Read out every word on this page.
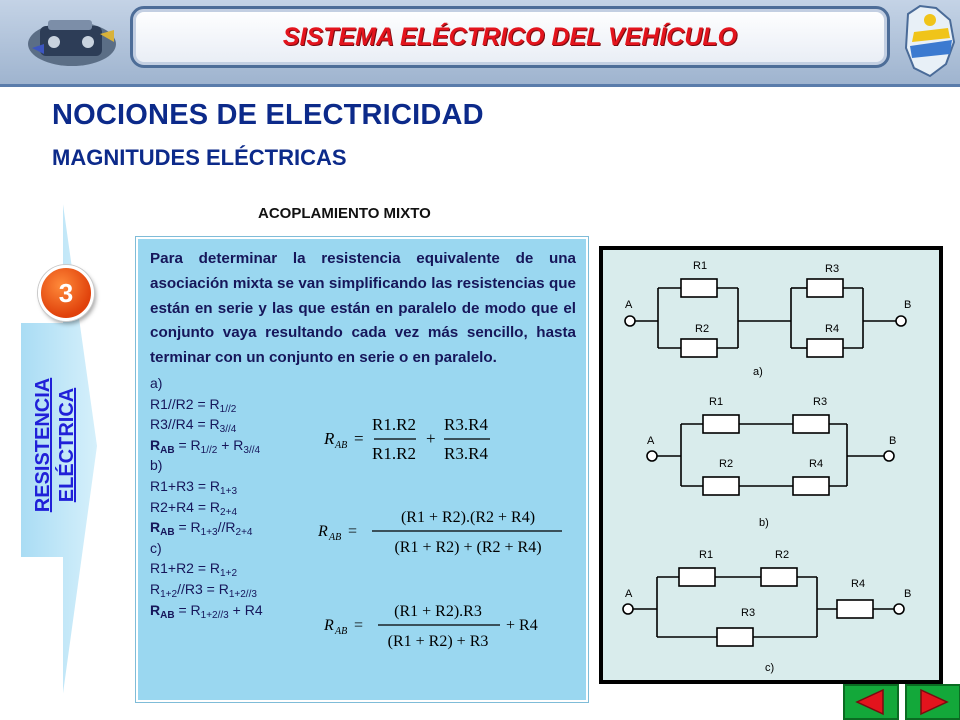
SISTEMA ELÉCTRICO DEL VEHÍCULO
NOCIONES DE ELECTRICIDAD
MAGNITUDES ELÉCTRICAS
ACOPLAMIENTO MIXTO
3
RESISTENCIA ELÉCTRICA

Para determinar la resistencia equivalente de una asociación mixta se van simplificando las resistencias que están en serie y las que están en paralelo de modo que el conjunto vaya resultando cada vez más sencillo, hasta terminar con un conjunto en serie o en paralelo.

a)
$R1//R2 = R_{1//2}$
$R3//R4 = R_{3//4}$
$R_{AB} = R_{1//2} + R_{3//4}$
b)
$R1+R3 = R_{1+3}$
$R2+R4 = R_{2+4}$
$R_{AB} = R_{1+3}//R_{2+4}$
c)
$R1+R2 = R_{1+2}$
$R_{1+2}//R3 = R_{1+2//3}$
$R_{AB} = R_{1+2//3} + R4$
R AB =
R1.R2
R1.R2
+
R3.R4
R3.R4
R AB =
(R1 + R2).(R2 + R4)
(R1 + R2) + (R2 + R4)
R AB =
(R1 + R2).R3
(R1 + R2) + R3
+ R4
R1
R2
R3
R4
A	B
a)
R1	R3
R2	R4
A	B
b)
R1	R2
R3
R4
A	B
c)
